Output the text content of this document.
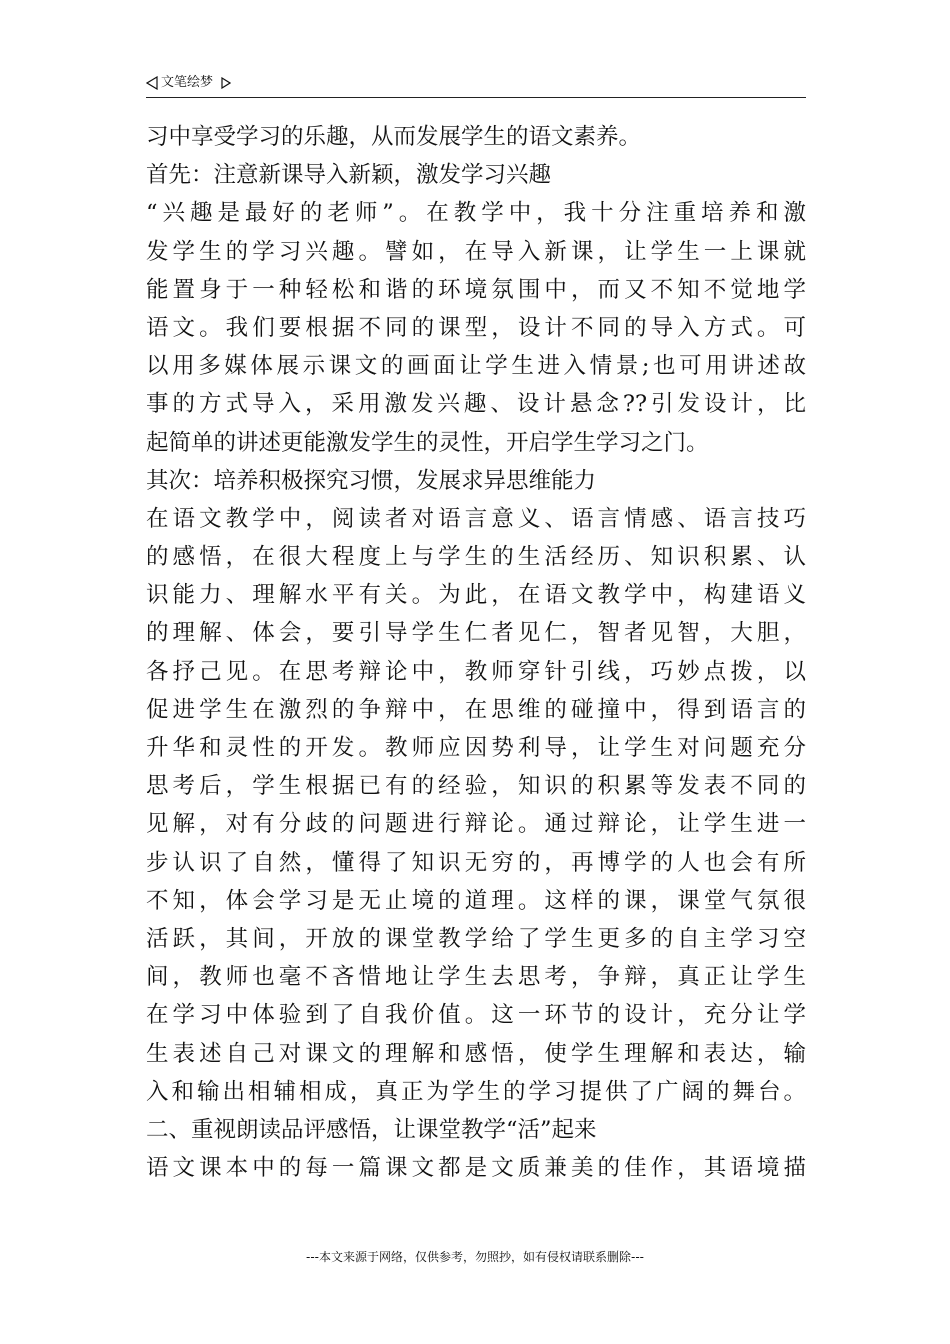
文笔绘梦
习中享受学习的乐趣，从而发展学生的语文素养。
首先：注意新课导入新颖，激发学习兴趣
“兴趣是最好的老师”。在教学中，我十分注重培养和激
发学生的学习兴趣。譬如，在导入新课，让学生一上课就
能置身于一种轻松和谐的环境氛围中，而又不知不觉地学
语文。我们要根据不同的课型，设计不同的导入方式。可
以用多媒体展示课文的画面让学生进入情景;也可用讲述故
事的方式导入，采用激发兴趣、设计悬念??引发设计，比
起简单的讲述更能激发学生的灵性，开启学生学习之门。
其次：培养积极探究习惯，发展求异思维能力
在语文教学中，阅读者对语言意义、语言情感、语言技巧
的感悟，在很大程度上与学生的生活经历、知识积累、认
识能力、理解水平有关。为此，在语文教学中，构建语义
的理解、体会，要引导学生仁者见仁，智者见智，大胆，
各抒己见。在思考辩论中，教师穿针引线，巧妙点拨，以
促进学生在激烈的争辩中，在思维的碰撞中，得到语言的
升华和灵性的开发。教师应因势利导，让学生对问题充分
思考后，学生根据已有的经验，知识的积累等发表不同的
见解，对有分歧的问题进行辩论。通过辩论，让学生进一
步认识了自然，懂得了知识无穷的，再博学的人也会有所
不知，体会学习是无止境的道理。这样的课，课堂气氛很
活跃，其间，开放的课堂教学给了学生更多的自主学习空
间，教师也毫不吝惜地让学生去思考，争辩，真正让学生
在学习中体验到了自我价值。这一环节的设计，充分让学
生表述自己对课文的理解和感悟，使学生理解和表达，输
入和输出相辅相成，真正为学生的学习提供了广阔的舞台。
二、重视朗读品评感悟，让课堂教学“活”起来
语文课本中的每一篇课文都是文质兼美的佳作，其语境描
---本文来源于网络，仅供参考，勿照抄，如有侵权请联系删除---
